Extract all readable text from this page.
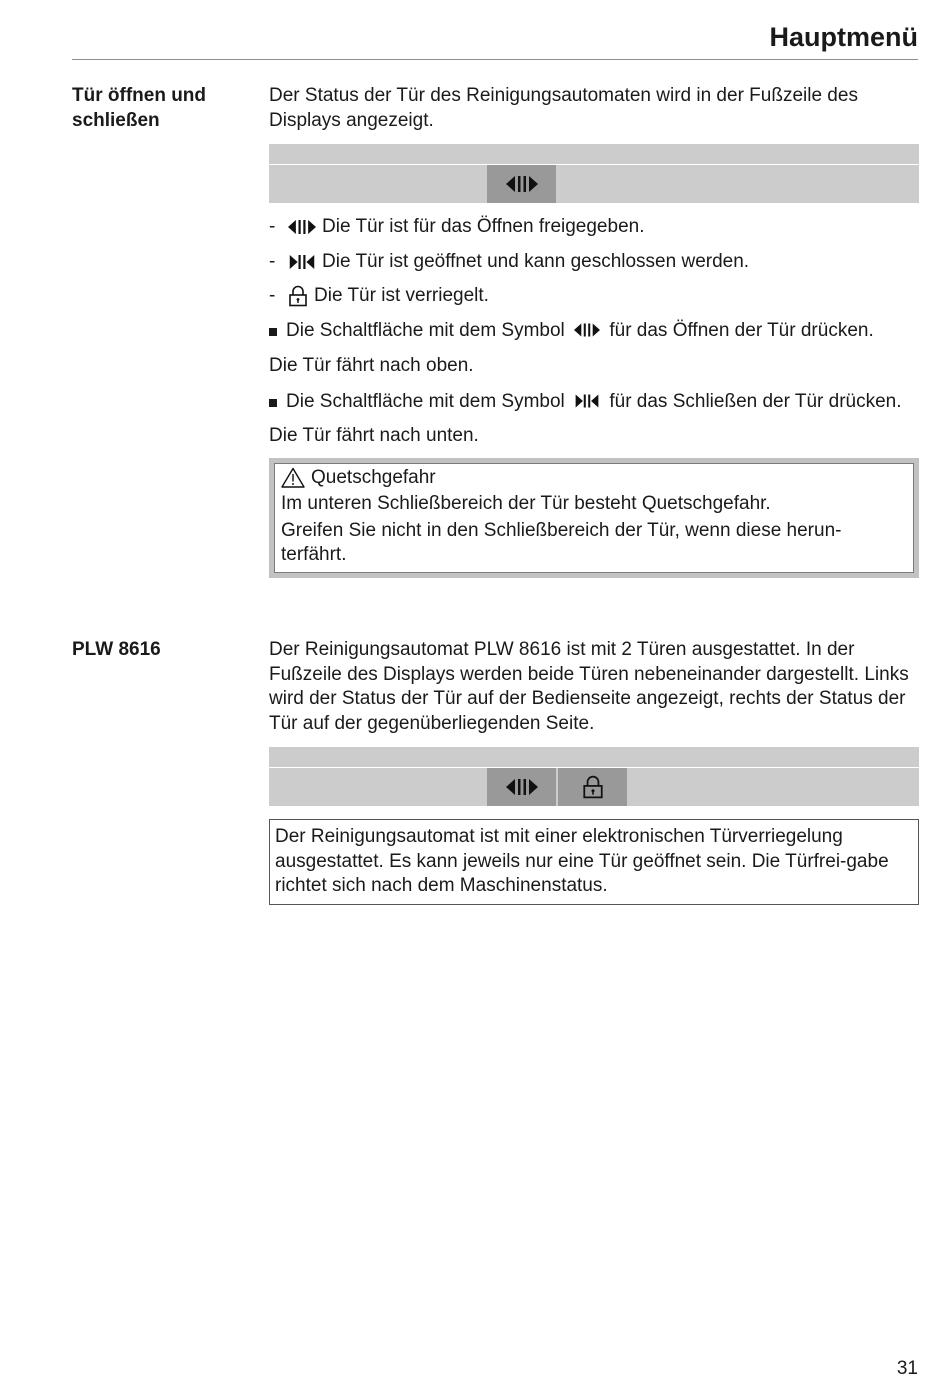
Hauptmenü
Tür öffnen und
schließen

Der Status der Tür des Reinigungsautomaten wird in der Fußzeile des Displays angezeigt.

- Die Tür ist für das Öffnen freigegeben.
- Die Tür ist geöffnet und kann geschlossen werden.
- Die Tür ist verriegelt.
Die Schaltfläche mit dem Symbol für das Öffnen der Tür drücken.

Die Tür fährt nach oben.

Die Schaltfläche mit dem Symbol für das Schließen der Tür drücken.

Die Tür fährt nach unten.

Quetschgefahr
Im unteren Schließbereich der Tür besteht Quetschgefahr.
Greifen Sie nicht in den Schließbereich der Tür, wenn diese herun-terfährt.
PLW 8616	Der Reinigungsautomat PLW 8616 ist mit 2 Türen ausgestattet. In der Fußzeile des Displays werden beide Türen nebeneinander dargestellt. Links wird der Status der Tür auf der Bedienseite angezeigt, rechts der Status der Tür auf der gegenüberliegenden Seite.

Der Reinigungsautomat ist mit einer elektronischen Türverriegelung ausgestattet. Es kann jeweils nur eine Tür geöffnet sein. Die Türfrei-gabe richtet sich nach dem Maschinenstatus.
31
